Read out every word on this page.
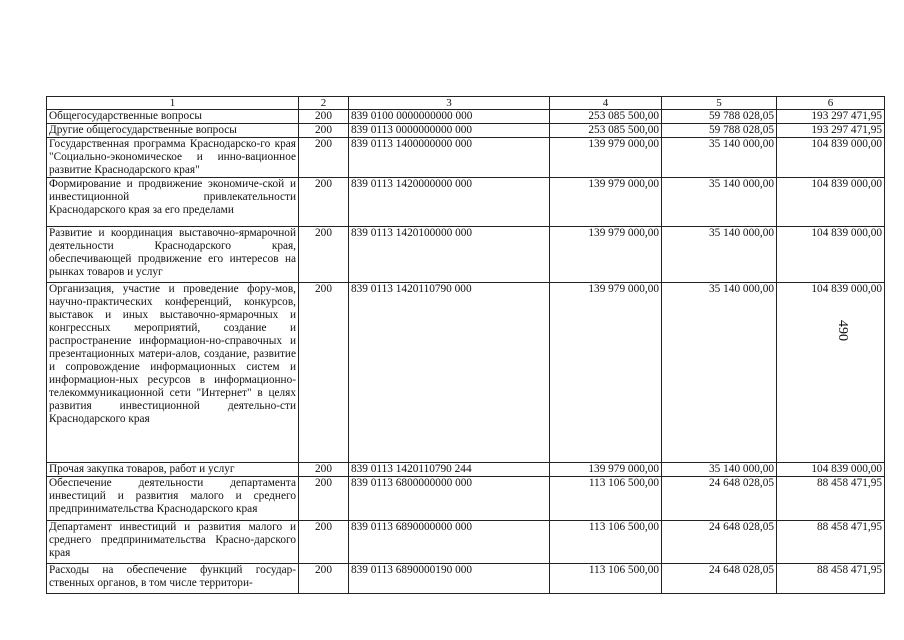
1	2	3	4	5	6
Общегосударственные вопросы	200	839 0100 0000000000 000	253 085 500,00	59 788 028,05	193 297 471,95
Другие общегосударственные вопросы	200	839 0113 0000000000 000	253 085 500,00	59 788 028,05	193 297 471,95
Государственная программа Краснодарско-го края "Социально-экономическое и инно-вационное развитие Краснодарского края"	200	839 0113 1400000000 000	139 979 000,00	35 140 000,00	104 839 000,00
Формирование и продвижение экономиче-ской и инвестиционной привлекательности Краснодарского края за его пределами	200	839 0113 1420000000 000	139 979 000,00	35 140 000,00	104 839 000,00
Развитие и координация выставочно-ярмарочной деятельности Краснодарского края, обеспечивающей продвижение его интересов на рынках товаров и услуг	200	839 0113 1420100000 000	139 979 000,00	35 140 000,00	104 839 000,00
Организация, участие и проведение фору-мов, научно-практических конференций, конкурсов, выставок и иных выставочно-ярмарочных и конгрессных мероприятий, создание и распространение информацион-но-справочных и презентационных матери-алов, создание, развитие и сопровождение информационных систем и информацион-ных ресурсов в информационно-телекоммуникационной сети "Интернет" в целях развития инвестиционной деятельно-сти Краснодарского края	200	839 0113 1420110790 000	139 979 000,00	35 140 000,00	104 839 000,00
Прочая закупка товаров, работ и услуг	200	839 0113 1420110790 244	139 979 000,00	35 140 000,00	104 839 000,00
Обеспечение деятельности департамента инвестиций и развития малого и среднего предпринимательства Краснодарского края	200	839 0113 6800000000 000	113 106 500,00	24 648 028,05	88 458 471,95
Департамент инвестиций и развития малого и среднего предпринимательства Красно-дарского края	200	839 0113 6890000000 000	113 106 500,00	24 648 028,05	88 458 471,95
Расходы на обеспечение функций государ-ственных органов, в том числе территори-	200	839 0113 6890000190 000	113 106 500,00	24 648 028,05	88 458 471,95
490
